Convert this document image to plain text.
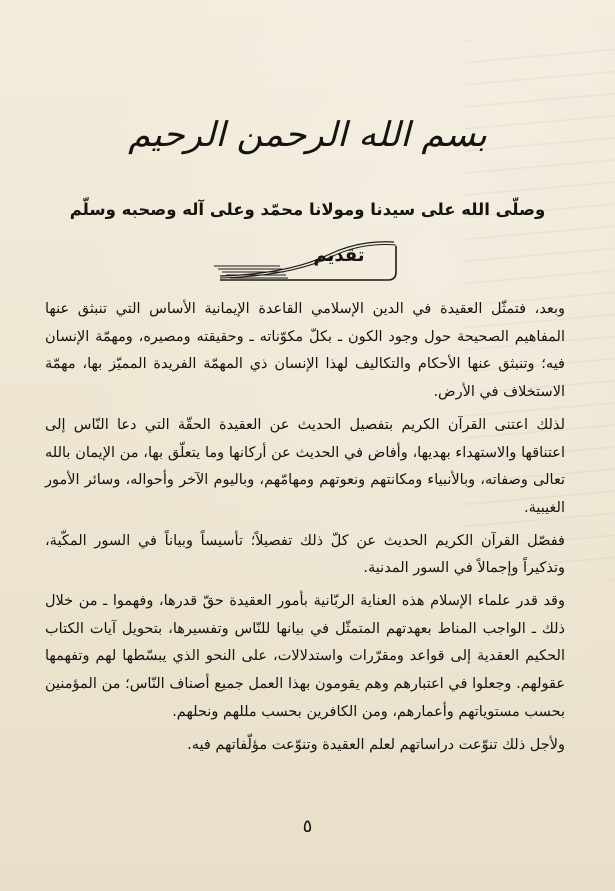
بسم الله الرحمن الرحيم
وصلّى الله على سيدنا ومولانا محمّد وعلى آله وصحبه وسلّم
تقديم

وبعد، فتمثّل العقيدة في الدين الإسلامي القاعدة الإيمانية الأساس التي تنبثق عنها المفاهيم الصحيحة حول وجود الكون ـ بكلّ مكوّناته ـ وحقيقته ومصيره، ومهمّة الإنسان فيه؛ وتنبثق عنها الأحكام والتكاليف لهذا الإنسان ذي المهمّة الفريدة المميّز بها، مهمّة الاستخلاف في الأرض.

لذلك اعتنى القرآن الكريم بتفصيل الحديث عن العقيدة الحقّة التي دعا النّاس إلى اعتناقها والاستهداء بهديها، وأفاض في الحديث عن أركانها وما يتعلّق بها، من الإيمان بالله تعالى وصفاته، وبالأنبياء ومكانتهم ونعوتهم ومهامّهم، وباليوم الآخر وأحواله، وسائر الأمور الغيبية.

ففصّل القرآن الكريم الحديث عن كلّ ذلك تفصيلاً؛ تأسيساً وبياناً في السور المكّية، وتذكيراً وإجمالاً في السور المدنية.

وقد قدر علماء الإسلام هذه العناية الربّانية بأمور العقيدة حقّ قدرها، وفهموا ـ من خلال ذلك ـ الواجب المناط بعهدتهم المتمثّل في بيانها للنّاس وتفسيرها، بتحويل آيات الكتاب الحكيم العقدية إلى قواعد ومقرّرات واستدلالات، على النحو الذي يبسّطها لهم وتفهمها عقولهم. وجعلوا في اعتبارهم وهم يقومون بهذا العمل جميع أصناف النّاس؛ من المؤمنين بحسب مستوياتهم وأعمارهم، ومن الكافرين بحسب مللهم ونحلهم.

ولأجل ذلك تنوّعت دراساتهم لعلم العقيدة وتنوّعت مؤلّفاتهم فيه.

٥
